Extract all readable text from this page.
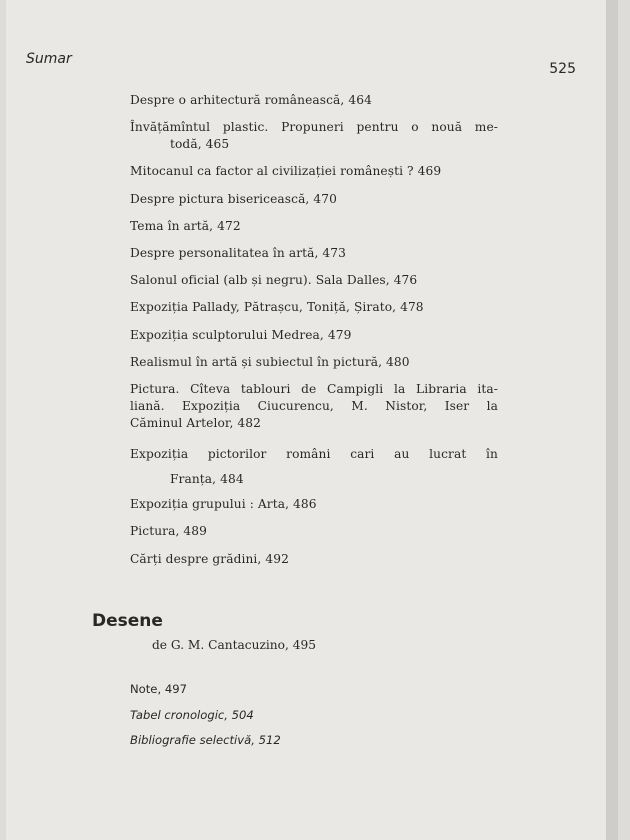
Sumar
525
Despre o arhitectură românească, 464
Învățămîntul plastic. Propuneri pentru o nouă me-
todă, 465
Mitocanul ca factor al civilizației românești ? 469
Despre pictura bisericească, 470
Tema în artă, 472
Despre personalitatea în artă, 473
Salonul oficial (alb și negru). Sala Dalles, 476
Expoziția Pallady, Pătrașcu, Toniță, Șirato, 478
Expoziția sculptorului Medrea, 479
Realismul în artă și subiectul în pictură, 480
Pictura. Cîteva tablouri de Campigli la Libraria ita-
liană. Expoziția Ciucurencu, M. Nistor, Iser la
Căminul Artelor, 482
Expoziția pictorilor români cari au lucrat în
Franța, 484
Expoziția grupului : Arta, 486
Pictura, 489
Cărți despre grădini, 492
Desene
de G. M. Cantacuzino, 495
Note, 497
Tabel cronologic, 504
Bibliografie selectivă, 512
